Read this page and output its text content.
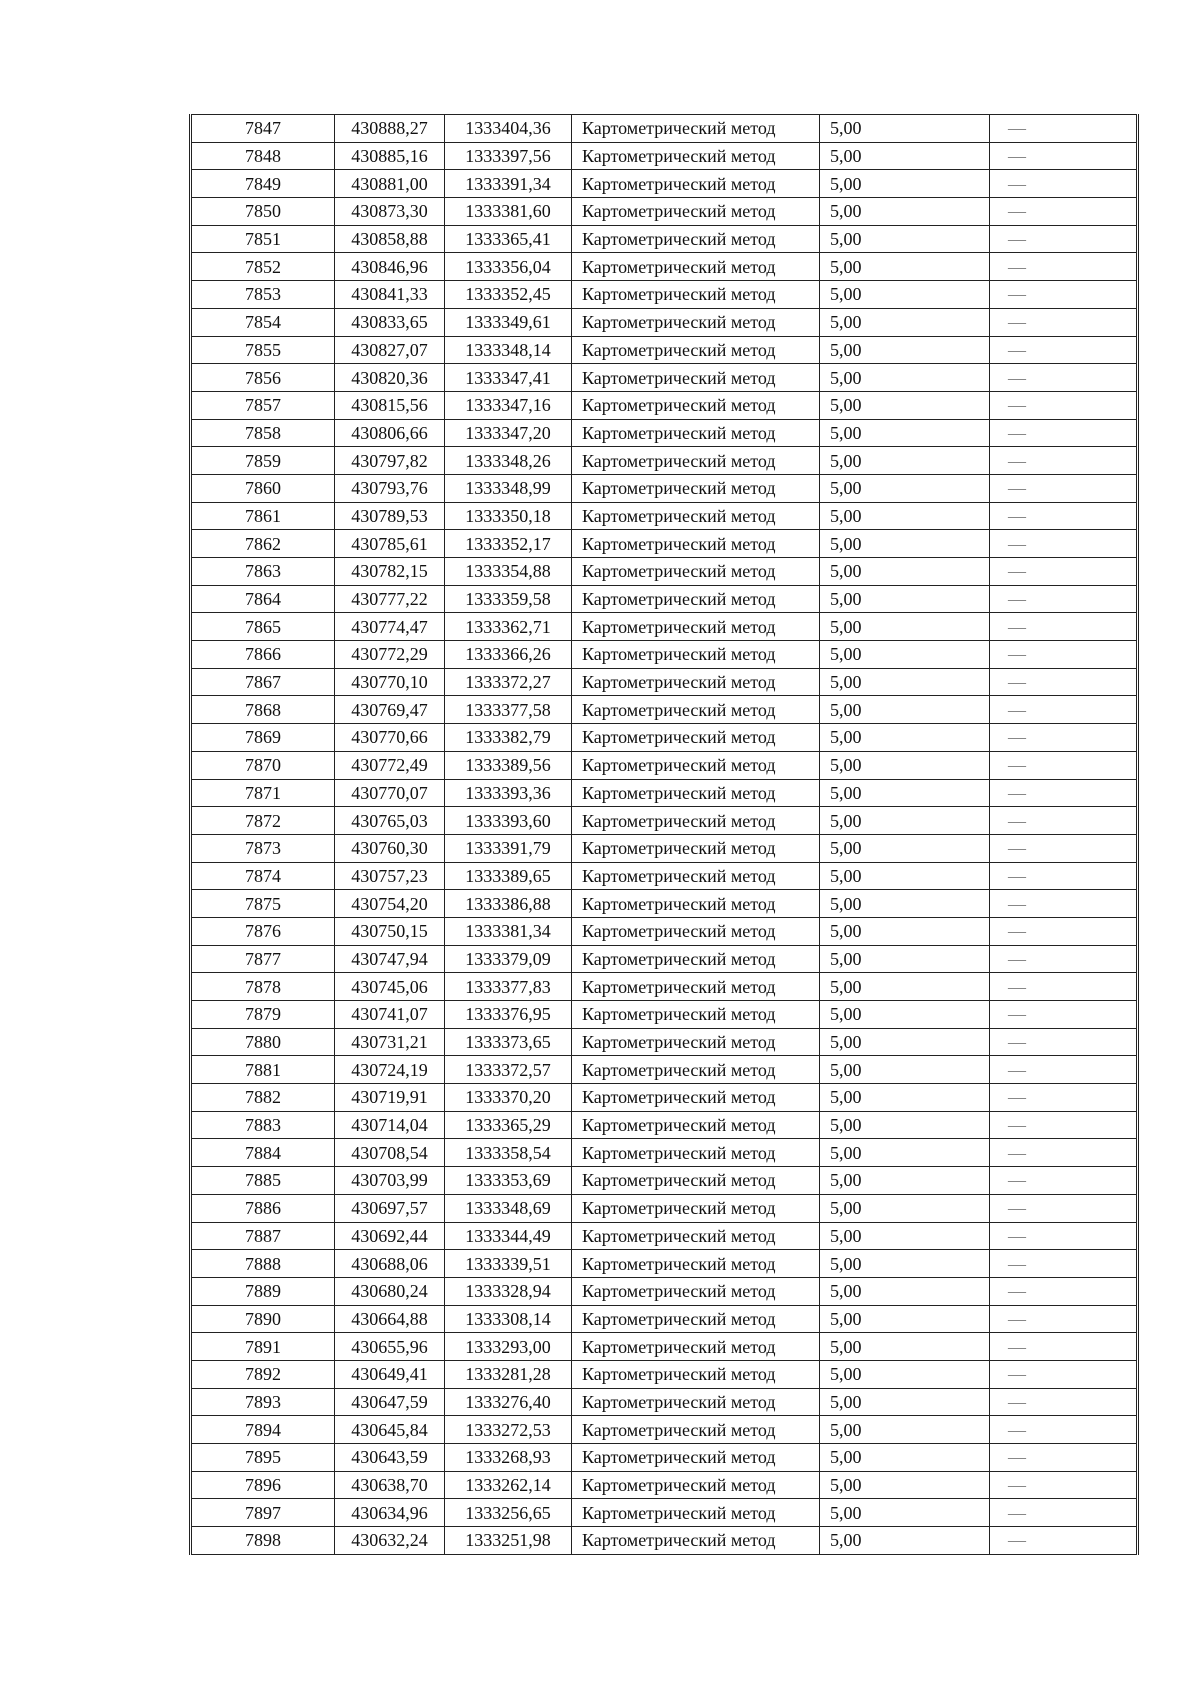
7847	430888,27	1333404,36	Картометрический метод	5,00	—
7848	430885,16	1333397,56	Картометрический метод	5,00	—
7849	430881,00	1333391,34	Картометрический метод	5,00	—
7850	430873,30	1333381,60	Картометрический метод	5,00	—
7851	430858,88	1333365,41	Картометрический метод	5,00	—
7852	430846,96	1333356,04	Картометрический метод	5,00	—
7853	430841,33	1333352,45	Картометрический метод	5,00	—
7854	430833,65	1333349,61	Картометрический метод	5,00	—
7855	430827,07	1333348,14	Картометрический метод	5,00	—
7856	430820,36	1333347,41	Картометрический метод	5,00	—
7857	430815,56	1333347,16	Картометрический метод	5,00	—
7858	430806,66	1333347,20	Картометрический метод	5,00	—
7859	430797,82	1333348,26	Картометрический метод	5,00	—
7860	430793,76	1333348,99	Картометрический метод	5,00	—
7861	430789,53	1333350,18	Картометрический метод	5,00	—
7862	430785,61	1333352,17	Картометрический метод	5,00	—
7863	430782,15	1333354,88	Картометрический метод	5,00	—
7864	430777,22	1333359,58	Картометрический метод	5,00	—
7865	430774,47	1333362,71	Картометрический метод	5,00	—
7866	430772,29	1333366,26	Картометрический метод	5,00	—
7867	430770,10	1333372,27	Картометрический метод	5,00	—
7868	430769,47	1333377,58	Картометрический метод	5,00	—
7869	430770,66	1333382,79	Картометрический метод	5,00	—
7870	430772,49	1333389,56	Картометрический метод	5,00	—
7871	430770,07	1333393,36	Картометрический метод	5,00	—
7872	430765,03	1333393,60	Картометрический метод	5,00	—
7873	430760,30	1333391,79	Картометрический метод	5,00	—
7874	430757,23	1333389,65	Картометрический метод	5,00	—
7875	430754,20	1333386,88	Картометрический метод	5,00	—
7876	430750,15	1333381,34	Картометрический метод	5,00	—
7877	430747,94	1333379,09	Картометрический метод	5,00	—
7878	430745,06	1333377,83	Картометрический метод	5,00	—
7879	430741,07	1333376,95	Картометрический метод	5,00	—
7880	430731,21	1333373,65	Картометрический метод	5,00	—
7881	430724,19	1333372,57	Картометрический метод	5,00	—
7882	430719,91	1333370,20	Картометрический метод	5,00	—
7883	430714,04	1333365,29	Картометрический метод	5,00	—
7884	430708,54	1333358,54	Картометрический метод	5,00	—
7885	430703,99	1333353,69	Картометрический метод	5,00	—
7886	430697,57	1333348,69	Картометрический метод	5,00	—
7887	430692,44	1333344,49	Картометрический метод	5,00	—
7888	430688,06	1333339,51	Картометрический метод	5,00	—
7889	430680,24	1333328,94	Картометрический метод	5,00	—
7890	430664,88	1333308,14	Картометрический метод	5,00	—
7891	430655,96	1333293,00	Картометрический метод	5,00	—
7892	430649,41	1333281,28	Картометрический метод	5,00	—
7893	430647,59	1333276,40	Картометрический метод	5,00	—
7894	430645,84	1333272,53	Картометрический метод	5,00	—
7895	430643,59	1333268,93	Картометрический метод	5,00	—
7896	430638,70	1333262,14	Картометрический метод	5,00	—
7897	430634,96	1333256,65	Картометрический метод	5,00	—
7898	430632,24	1333251,98	Картометрический метод	5,00	—
